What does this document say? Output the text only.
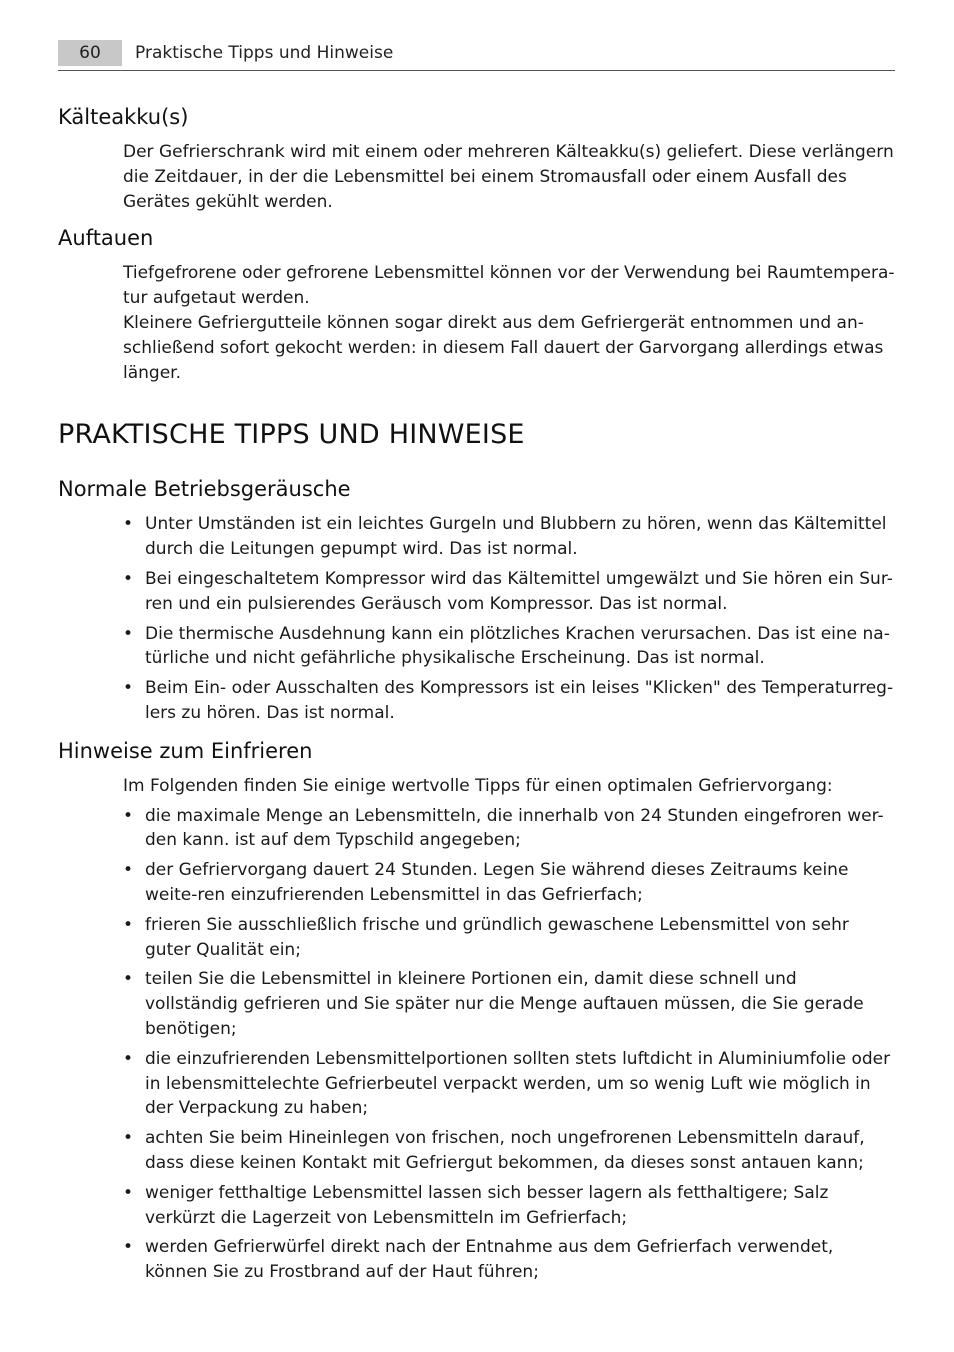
60	Praktische Tipps und Hinweise
Kälteakku(s)

Der Gefrierschrank wird mit einem oder mehreren Kälteakku(s) geliefert. Diese verlängern die Zeitdauer, in der die Lebensmittel bei einem Stromausfall oder einem Ausfall des Gerätes gekühlt werden.

Auftauen

Tiefgefrorene oder gefrorene Lebensmittel können vor der Verwendung bei Raumtempera-tur aufgetaut werden.

Kleinere Gefriergutteile können sogar direkt aus dem Gefriergerät entnommen und an-schließend sofort gekocht werden: in diesem Fall dauert der Garvorgang allerdings etwas länger.

PRAKTISCHE TIPPS UND HINWEISE
Normale Betriebsgeräusche
• Unter Umständen ist ein leichtes Gurgeln und Blubbern zu hören, wenn das Kältemittel durch die Leitungen gepumpt wird. Das ist normal.
• Bei eingeschaltetem Kompressor wird das Kältemittel umgewälzt und Sie hören ein Sur-ren und ein pulsierendes Geräusch vom Kompressor. Das ist normal.
• Die thermische Ausdehnung kann ein plötzliches Krachen verursachen. Das ist eine na-türliche und nicht gefährliche physikalische Erscheinung. Das ist normal.
• Beim Ein- oder Ausschalten des Kompressors ist ein leises "Klicken" des Temperaturreg-lers zu hören. Das ist normal.
Hinweise zum Einfrieren

Im Folgenden finden Sie einige wertvolle Tipps für einen optimalen Gefriervorgang:

• die maximale Menge an Lebensmitteln, die innerhalb von 24 Stunden eingefroren wer-den kann. ist auf dem Typschild angegeben;
• der Gefriervorgang dauert 24 Stunden. Legen Sie während dieses Zeitraums keine weite-ren einzufrierenden Lebensmittel in das Gefrierfach;
• frieren Sie ausschließlich frische und gründlich gewaschene Lebensmittel von sehr guter Qualität ein;
• teilen Sie die Lebensmittel in kleinere Portionen ein, damit diese schnell und vollständig gefrieren und Sie später nur die Menge auftauen müssen, die Sie gerade benötigen;
• die einzufrierenden Lebensmittelportionen sollten stets luftdicht in Aluminiumfolie oder in lebensmittelechte Gefrierbeutel verpackt werden, um so wenig Luft wie möglich in der Verpackung zu haben;
• achten Sie beim Hineinlegen von frischen, noch ungefrorenen Lebensmitteln darauf, dass diese keinen Kontakt mit Gefriergut bekommen, da dieses sonst antauen kann;
• weniger fetthaltige Lebensmittel lassen sich besser lagern als fetthaltigere; Salz verkürzt die Lagerzeit von Lebensmitteln im Gefrierfach;
• werden Gefrierwürfel direkt nach der Entnahme aus dem Gefrierfach verwendet, können Sie zu Frostbrand auf der Haut führen;
